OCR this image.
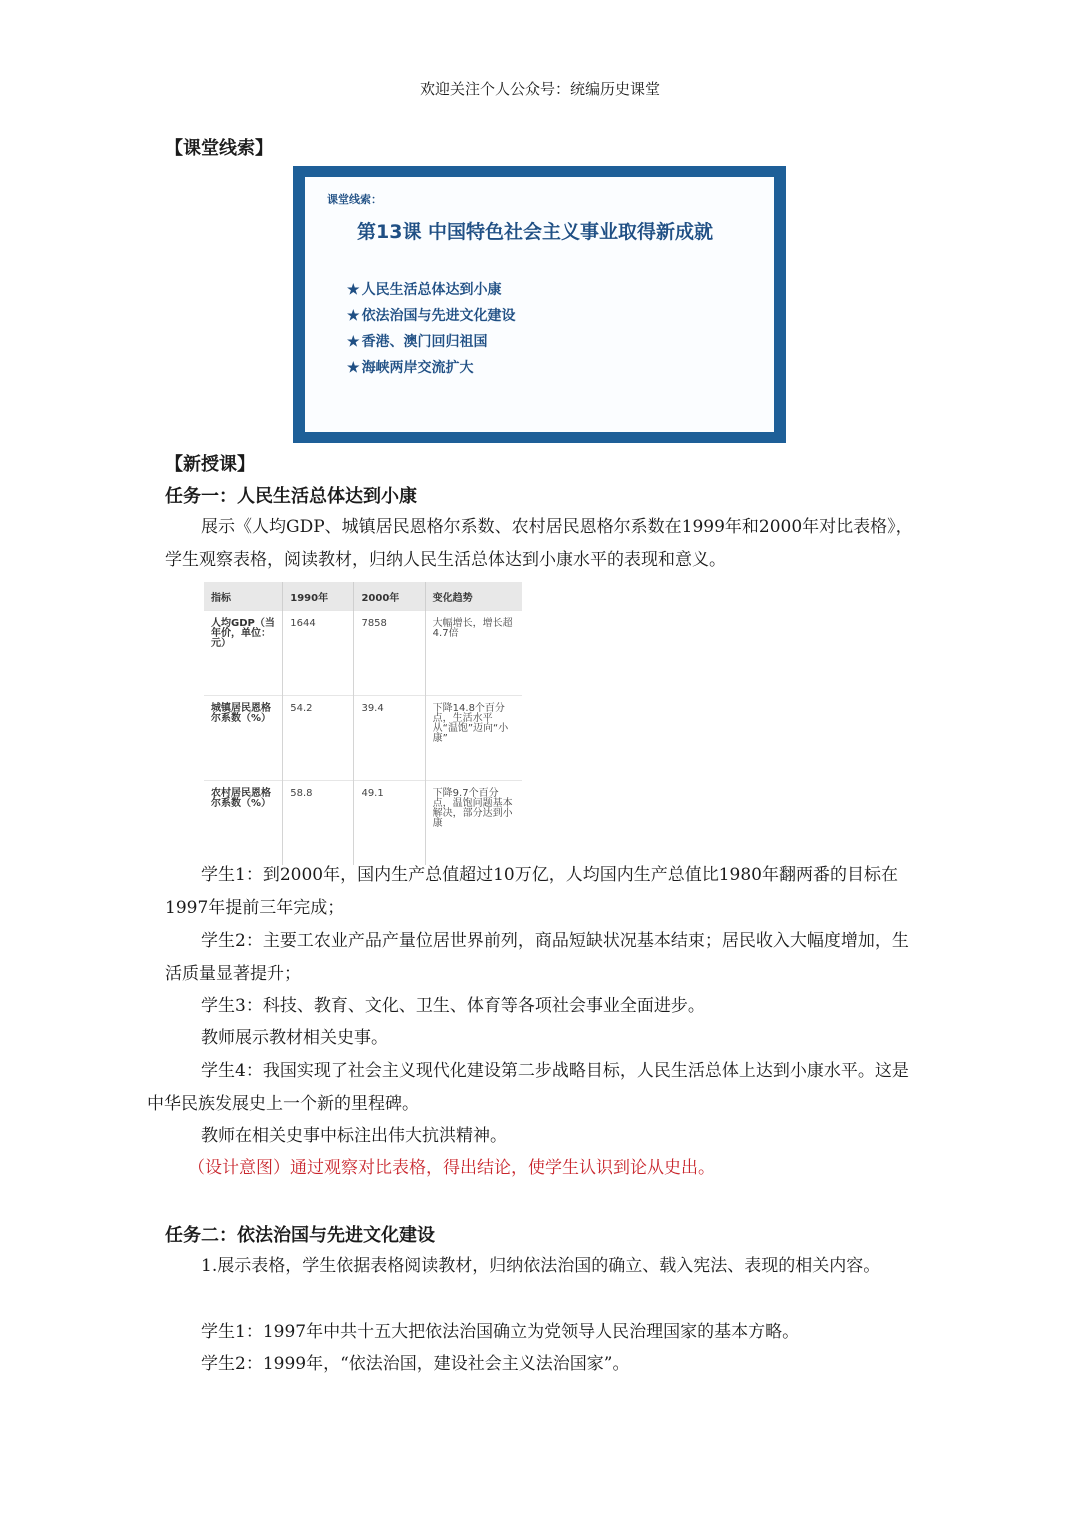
欢迎关注个人公众号：统编历史课堂
【课堂线索】
课堂线索：
第13课 中国特色社会主义事业取得新成就
★ 人民生活总体达到小康
★ 依法治国与先进文化建设
★ 香港、澳门回归祖国
★ 海峡两岸交流扩大
【新授课】
任务一：人民生活总体达到小康
展示《人均GDP、城镇居民恩格尔系数、农村居民恩格尔系数在1999年和2000年对比表格》，学生观察表格，阅读教材，归纳人民生活总体达到小康水平的表现和意义。
指标	1990年	2000年	变化趋势
人均GDP（当年价，单位：元）	1644	7858	大幅增长，增长超4.7倍
城镇居民恩格尔系数（%）	54.2	39.4	下降14.8个百分点，生活水平从“温饱”迈向“小康”
农村居民恩格尔系数（%）	58.8	49.1	下降9.7个百分点，温饱问题基本解决，部分达到小康
学生1：到2000年，国内生产总值超过10万亿，人均国内生产总值比1980年翻两番的目标在1997年提前三年完成；
学生2：主要工农业产品产量位居世界前列，商品短缺状况基本结束；居民收入大幅度增加，生活质量显著提升；
学生3：科技、教育、文化、卫生、体育等各项社会事业全面进步。
教师展示教材相关史事。
学生4：我国实现了社会主义现代化建设第二步战略目标，人民生活总体上达到小康水平。这是中华民族发展史上一个新的里程碑。
教师在相关史事中标注出伟大抗洪精神。
（设计意图）通过观察对比表格，得出结论，使学生认识到论从史出。
任务二：依法治国与先进文化建设
1.展示表格，学生依据表格阅读教材，归纳依法治国的确立、载入宪法、表现的相关内容。
学生1：1997年中共十五大把依法治国确立为党领导人民治理国家的基本方略。
学生2：1999年，“依法治国，建设社会主义法治国家”。
